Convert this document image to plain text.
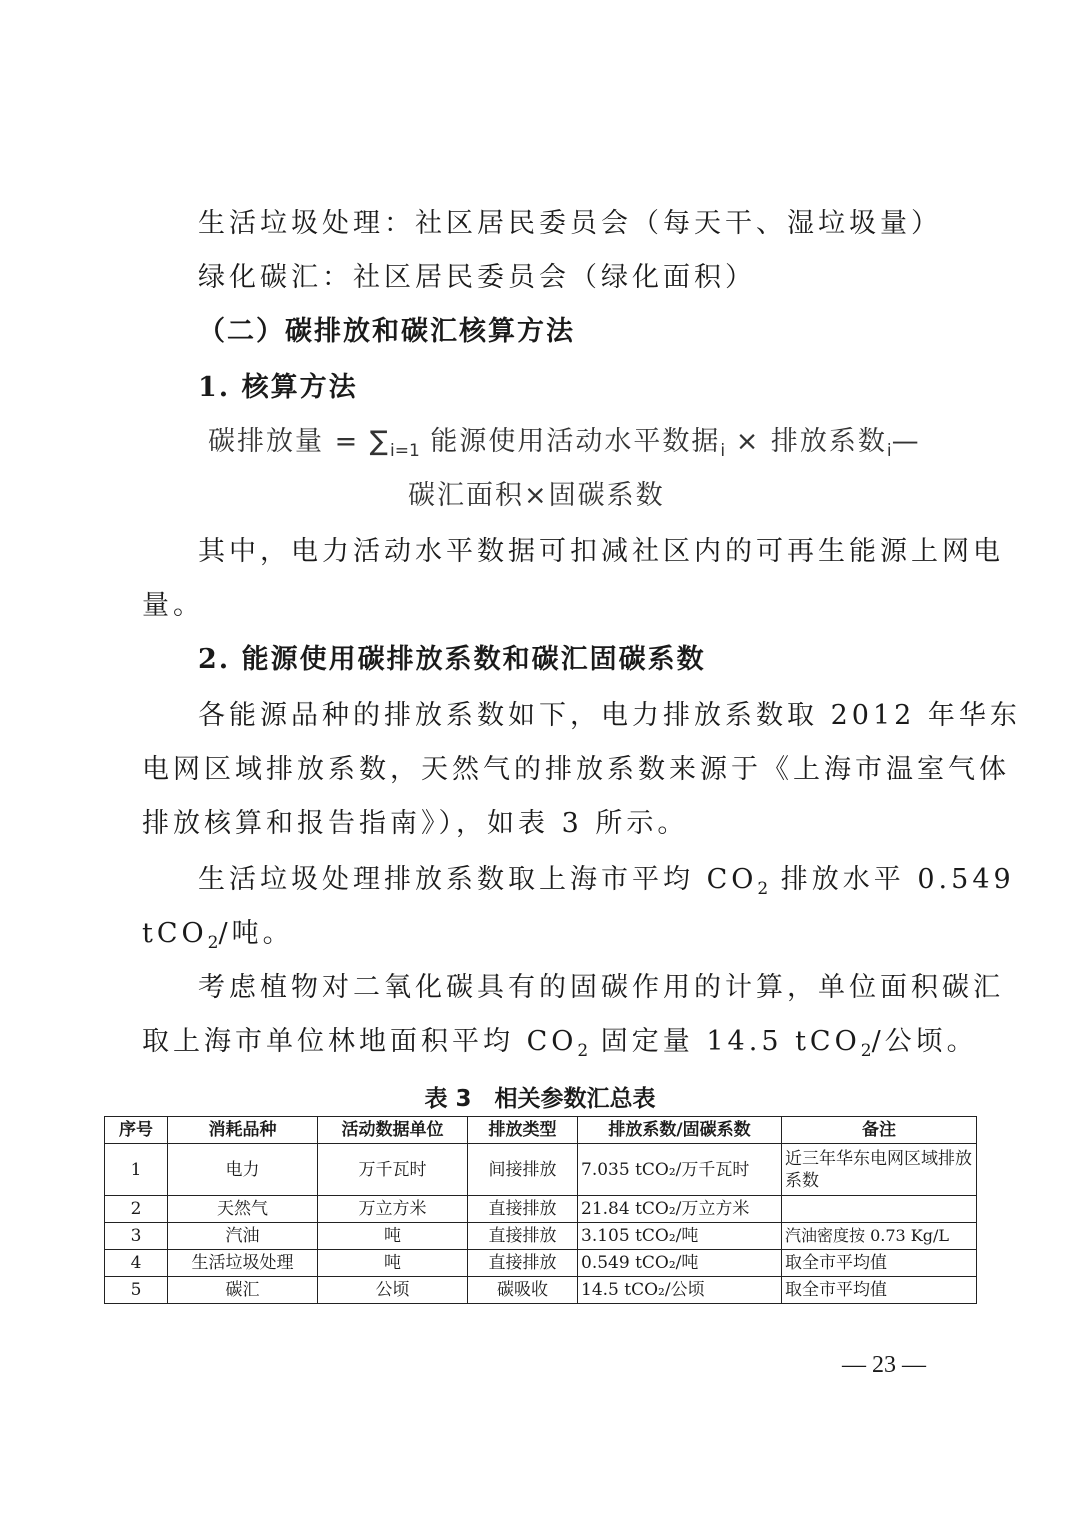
生活垃圾处理：社区居民委员会（每天干、湿垃圾量）
绿化碳汇：社区居民委员会（绿化面积）
（二）碳排放和碳汇核算方法
1. 核算方法
碳排放量 = $\sum_{i=1}$ 能源使用活动水平数据$_i$ × 排放系数$_i$—
碳汇面积×固碳系数
其中，电力活动水平数据可扣减社区内的可再生能源上网电
量。
2. 能源使用碳排放系数和碳汇固碳系数
各能源品种的排放系数如下，电力排放系数取 2012 年华东
电网区域排放系数，天然气的排放系数来源于《上海市温室气体
排放核算和报告指南》），如表 3 所示。
生活垃圾处理排放系数取上海市平均 $CO_2$ 排放水平 0.549
tCO$_2$/吨。
考虑植物对二氧化碳具有的固碳作用的计算，单位面积碳汇
取上海市单位林地面积平均 $CO_2$ 固定量 14.5 tCO$_2$/公顷。
表 3　相关参数汇总表
序号	消耗品种	活动数据单位	排放类型	排放系数/固碳系数	备注
1	电力	万千瓦时	间接排放	7.035 tCO₂/万千瓦时	近三年华东电网区域排放系数
2	天然气	万立方米	直接排放	21.84 tCO₂/万立方米	
3	汽油	吨	直接排放	3.105 tCO₂/吨	汽油密度按 0.73 Kg/L
4	生活垃圾处理	吨	直接排放	0.549 tCO₂/吨	取全市平均值
5	碳汇	公顷	碳吸收	14.5 tCO₂/公顷	取全市平均值
— 23 —
